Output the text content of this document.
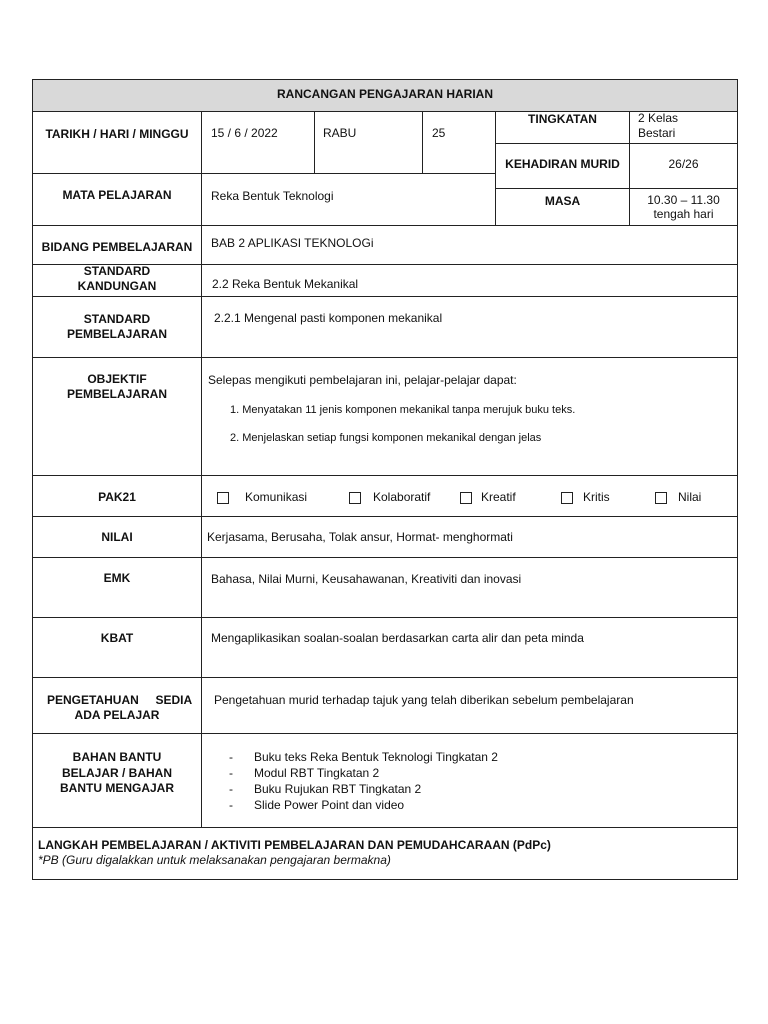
RANCANGAN PENGAJARAN HARIAN
TARIKH / HARI / MINGGU	15 / 6 / 2022	RABU	25
TINGKATAN	2 Kelas
Bestari
KEHADIRAN MURID	26/26
MATA PELAJARAN	Reka Bentuk Teknologi	MASA	10.30 – 11.30
tengah hari
BIDANG PEMBELAJARAN	BAB 2 APLIKASI TEKNOLOGi
STANDARD
KANDUNGAN	2.2 Reka Bentuk Mekanikal
STANDARD
PEMBELAJARAN
2.2.1 Mengenal pasti komponen mekanikal
OBJEKTIF
PEMBELAJARAN
Selepas mengikuti pembelajaran ini, pelajar-pelajar dapat:
1. Menyatakan 11 jenis komponen mekanikal tanpa merujuk buku teks.
2. Menjelaskan setiap fungsi komponen mekanikal dengan jelas
PAK21	Komunikasi	Kolaboratif	Kreatif	Kritis	Nilai
NILAI	Kerjasama, Berusaha, Tolak ansur, Hormat- menghormati
EMK	Bahasa, Nilai Murni, Keusahawanan, Kreativiti dan inovasi
KBAT	Mengaplikasikan soalan-soalan berdasarkan carta alir dan peta minda
PENGETAHUAN     SEDIA
ADA PELAJAR
Pengetahuan murid terhadap tajuk yang telah diberikan sebelum pembelajaran
BAHAN BANTU
BELAJAR / BAHAN
BANTU MENGAJAR
- Buku teks Reka Bentuk Teknologi Tingkatan 2
- Modul RBT Tingkatan 2
- Buku Rujukan RBT Tingkatan 2
- Slide Power Point dan video
LANGKAH PEMBELAJARAN / AKTIVITI PEMBELAJARAN DAN PEMUDAHCARAAN (PdPc)
*PB (Guru digalakkan untuk melaksanakan pengajaran bermakna)
